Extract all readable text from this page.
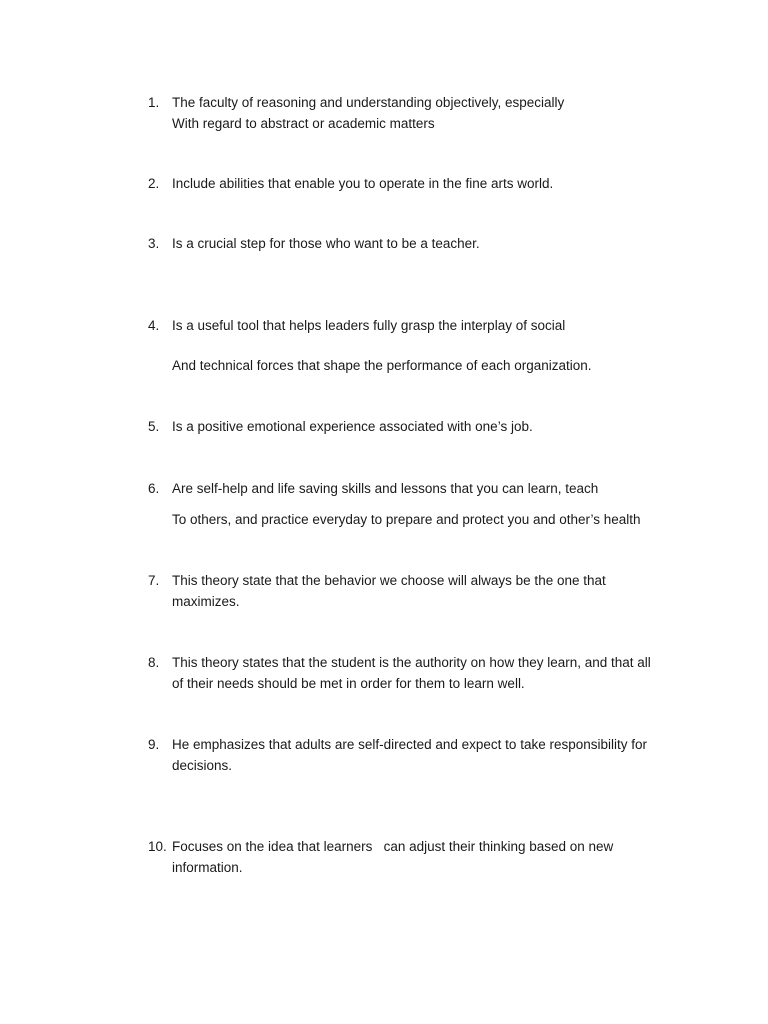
1. The faculty of reasoning and understanding objectively, especially
With regard to abstract or academic matters
2. Include abilities that enable you to operate in the fine arts world.
3. Is a crucial step for those who want to be a teacher.
4. Is a useful tool that helps leaders fully grasp the interplay of social
And technical forces that shape the performance of each organization.
5. Is a positive emotional experience associated with one’s job.
6. Are self-help and life saving skills and lessons that you can learn, teach
To others, and practice everyday to prepare and protect you and other’s health
7. This theory state that the behavior we choose will always be the one that
maximizes.
8. This theory states that the student is the authority on how they learn, and that all
of their needs should be met in order for them to learn well.
9. He emphasizes that adults are self-directed and expect to take responsibility for
decisions.
10. Focuses on the idea that learners   can adjust their thinking based on new
information.
